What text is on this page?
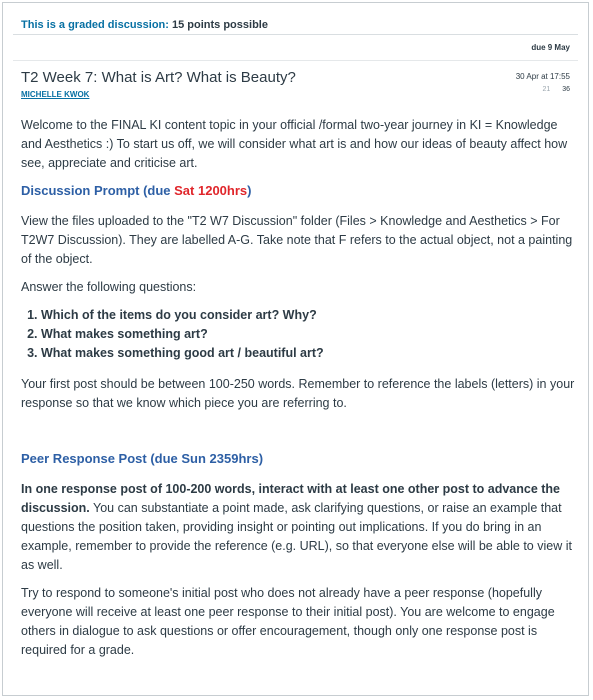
This is a graded discussion: 15 points possible
due 9 May
T2 Week 7: What is Art? What is Beauty?
MICHELLE KWOK
30 Apr at 17:55
21 36

Welcome to the FINAL KI content topic in your official /formal two-year journey in KI = Knowledge and Aesthetics :) To start us off, we will consider what art is and how our ideas of beauty affect how see, appreciate and criticise art.

Discussion Prompt (due Sat 1200hrs)

View the files uploaded to the "T2 W7 Discussion" folder (Files > Knowledge and Aesthetics > For T2W7 Discussion). They are labelled A-G. Take note that F refers to the actual object, not a painting of the object.

Answer the following questions:

1. Which of the items do you consider art? Why?
2. What makes something art?
3. What makes something good art / beautiful art?

Your first post should be between 100-250 words. Remember to reference the labels (letters) in your response so that we know which piece you are referring to.

Peer Response Post (due Sun 2359hrs)

In one response post of 100-200 words, interact with at least one other post to advance the discussion. You can substantiate a point made, ask clarifying questions, or raise an example that questions the position taken, providing insight or pointing out implications. If you do bring in an example, remember to provide the reference (e.g. URL), so that everyone else will be able to view it as well.

Try to respond to someone's initial post who does not already have a peer response (hopefully everyone will receive at least one peer response to their initial post). You are welcome to engage others in dialogue to ask questions or offer encouragement, though only one response post is required for a grade.
